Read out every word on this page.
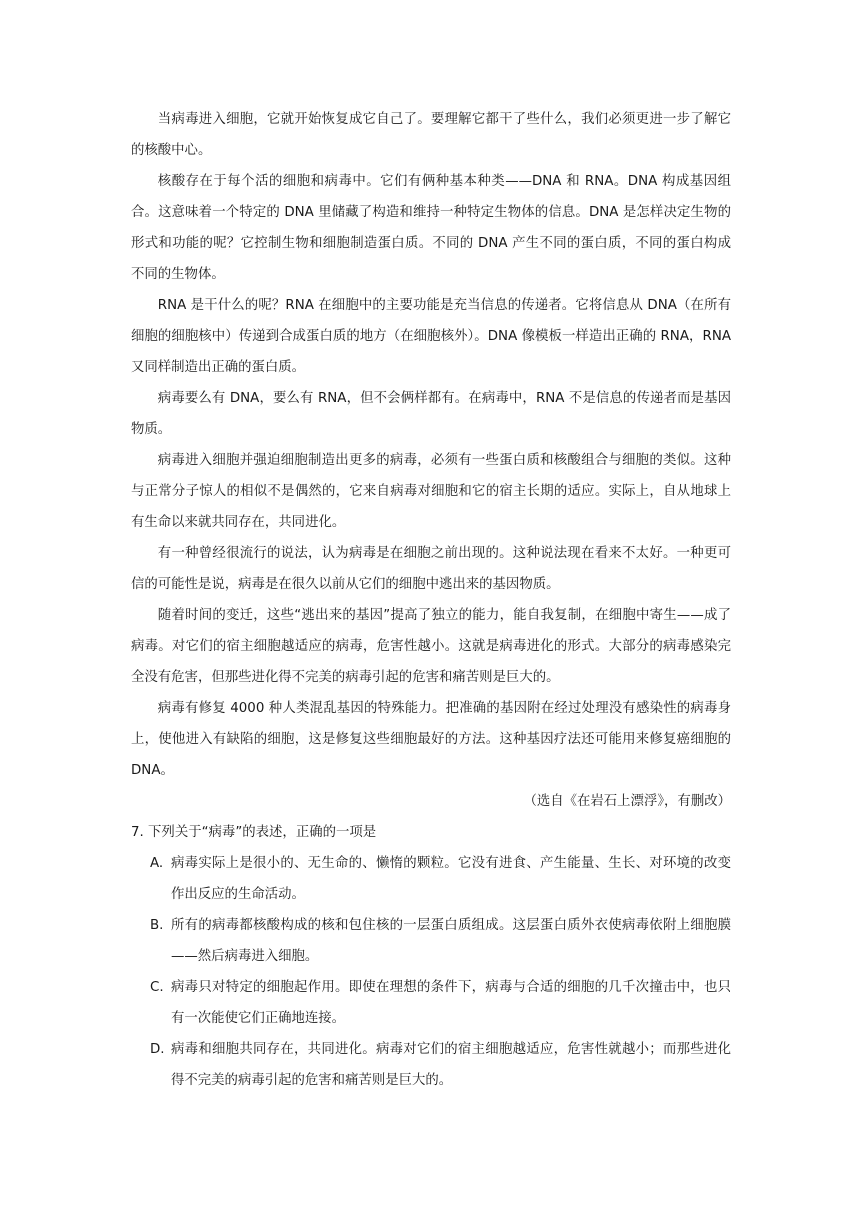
当病毒进入细胞，它就开始恢复成它自己了。要理解它都干了些什么，我们必须更进一步了解它的核酸中心。

核酸存在于每个活的细胞和病毒中。它们有俩种基本种类——DNA 和 RNA。DNA 构成基因组合。这意味着一个特定的 DNA 里储藏了构造和维持一种特定生物体的信息。DNA 是怎样决定生物的形式和功能的呢？它控制生物和细胞制造蛋白质。不同的 DNA 产生不同的蛋白质，不同的蛋白构成不同的生物体。

RNA 是干什么的呢？RNA 在细胞中的主要功能是充当信息的传递者。它将信息从 DNA（在所有细胞的细胞核中）传递到合成蛋白质的地方（在细胞核外）。DNA 像模板一样造出正确的 RNA，RNA 又同样制造出正确的蛋白质。

病毒要么有 DNA，要么有 RNA，但不会俩样都有。在病毒中，RNA 不是信息的传递者而是基因物质。

病毒进入细胞并强迫细胞制造出更多的病毒，必须有一些蛋白质和核酸组合与细胞的类似。这种与正常分子惊人的相似不是偶然的，它来自病毒对细胞和它的宿主长期的适应。实际上，自从地球上有生命以来就共同存在，共同进化。

有一种曾经很流行的说法，认为病毒是在细胞之前出现的。这种说法现在看来不太好。一种更可信的可能性是说，病毒是在很久以前从它们的细胞中逃出来的基因物质。

随着时间的变迁，这些“逃出来的基因”提高了独立的能力，能自我复制，在细胞中寄生——成了病毒。对它们的宿主细胞越适应的病毒，危害性越小。这就是病毒进化的形式。大部分的病毒感染完全没有危害，但那些进化得不完美的病毒引起的危害和痛苦则是巨大的。

病毒有修复 4000 种人类混乱基因的特殊能力。把准确的基因附在经过处理没有感染性的病毒身上，使他进入有缺陷的细胞，这是修复这些细胞最好的方法。这种基因疗法还可能用来修复癌细胞的 DNA。

（选自《在岩石上漂浮》，有删改）

7. 下列关于“病毒”的表述，正确的一项是

A. 病毒实际上是很小的、无生命的、懒惰的颗粒。它没有进食、产生能量、生长、对环境的改变作出反应的生命活动。
B. 所有的病毒都核酸构成的核和包住核的一层蛋白质组成。这层蛋白质外衣使病毒依附上细胞膜——然后病毒进入细胞。
C. 病毒只对特定的细胞起作用。即使在理想的条件下，病毒与合适的细胞的几千次撞击中，也只有一次能使它们正确地连接。
D. 病毒和细胞共同存在，共同进化。病毒对它们的宿主细胞越适应，危害性就越小；而那些进化得不完美的病毒引起的危害和痛苦则是巨大的。
